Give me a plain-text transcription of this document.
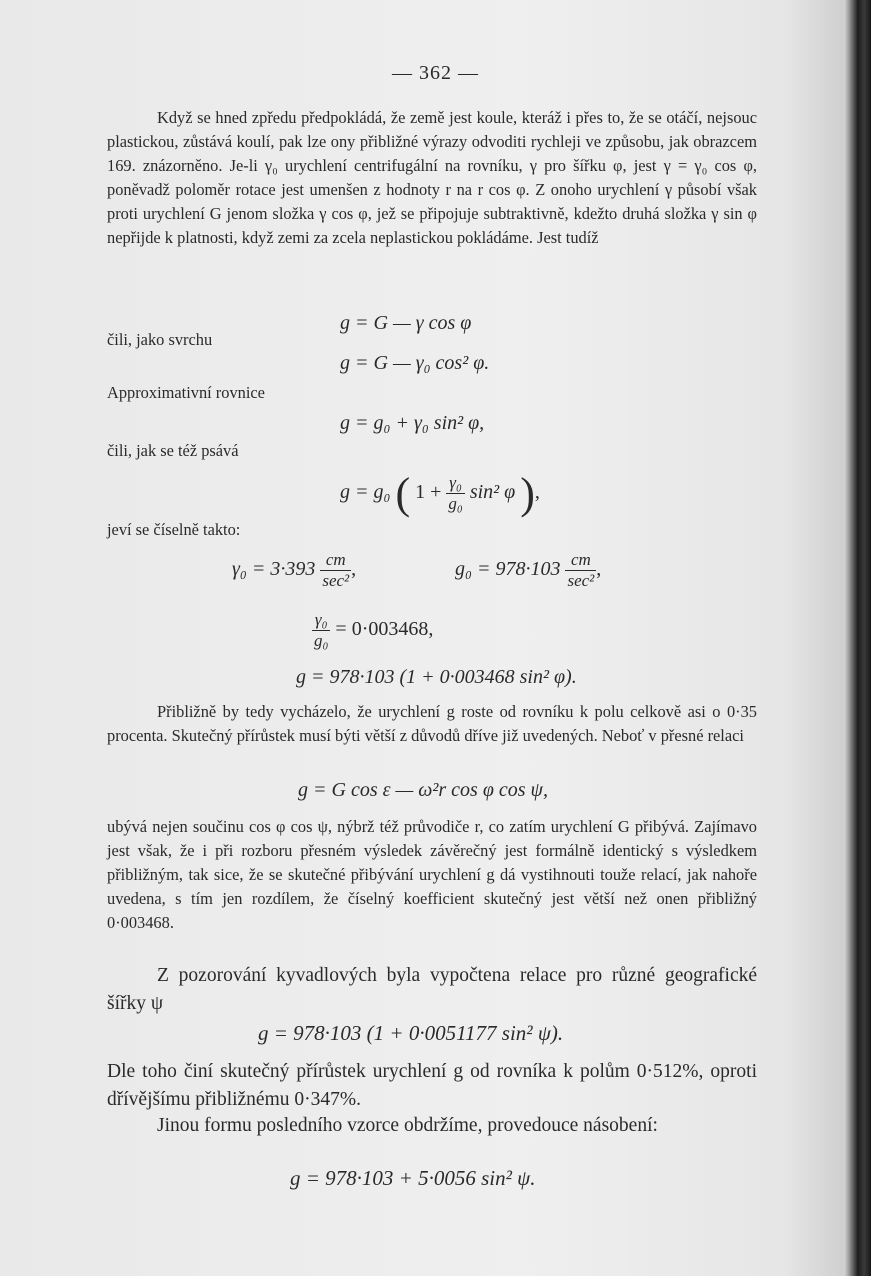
— 362 —

Když se hned zpředu předpokládá, že země jest koule, kteráž i přes to, že se otáčí, nejsouc plastickou, zůstává koulí, pak lze ony přibližné výrazy odvoditi rychleji ve způsobu, jak obrazcem 169. znázorněno. Je-li γ₀ urychlení centrifugální na rovníku, γ pro šířku φ, jest γ = γ₀ cos φ, poněvadž poloměr rotace jest umenšen z hodnoty r na r cos φ. Z onoho urychlení γ působí však proti urychlení G jenom složka γ cos φ, jež se připojuje subtraktivně, kdežto druhá složka γ sin φ nepřijde k platnosti, když zemi za zcela neplastickou pokládáme. Jest tudíž

g = G — γ cos φ
čili, jako svrchu
g = G — γ₀ cos² φ.
Approximativní rovnice
g = g₀ + γ₀ sin² φ,
čili, jak se též psává
g = g₀ ( $1 + \frac{\text{γ₀}}{\text{g₀}} \sin^2$ φ ),
jeví se číselně takto:
$\gamma_0 = 3\cdot 393 \frac{cm}{\text{sec²}}$ ,	$g_0 = 978\cdot 103 \frac{cm}{\text{sec²}}$ ,
$\frac{\text{γ₀}}{\text{g₀}} = 0\cdot 003468$,
g = 978·103 (1 + 0·003468 sin² φ).

Přibližně by tedy vycházelo, že urychlení g roste od rovníku k polu celkově asi o 0·35 procenta. Skutečný přírůstek musí býti větší z důvodů dříve již uvedených. Neboť v přesné relaci

g = G cos ε — ω²r cos φ cos ψ,

ubývá nejen součinu cos φ cos ψ, nýbrž též průvodiče r, co zatím urychlení G přibývá. Zajímavo jest však, že i při rozboru přesném výsledek závěrečný jest formálně identický s výsledkem přibližným, tak sice, že se skutečné přibývání urychlení g dá vystihnouti touže relací, jak nahoře uvedena, s tím jen rozdílem, že číselný koefficient skutečný jest větší než onen přibližný 0·003468.

Z pozorování kyvadlových byla vypočtena relace pro různé geografické šířky ψ

g = 978·103 (1 + 0·0051177 sin² ψ).

Dle toho činí skutečný přírůstek urychlení g od rovníka k polům 0·512%, oproti dřívějšímu přibližnému 0·347%.

Jinou formu posledního vzorce obdržíme, provedouce násobení:

g = 978·103 + 5·0056 sin² ψ.
